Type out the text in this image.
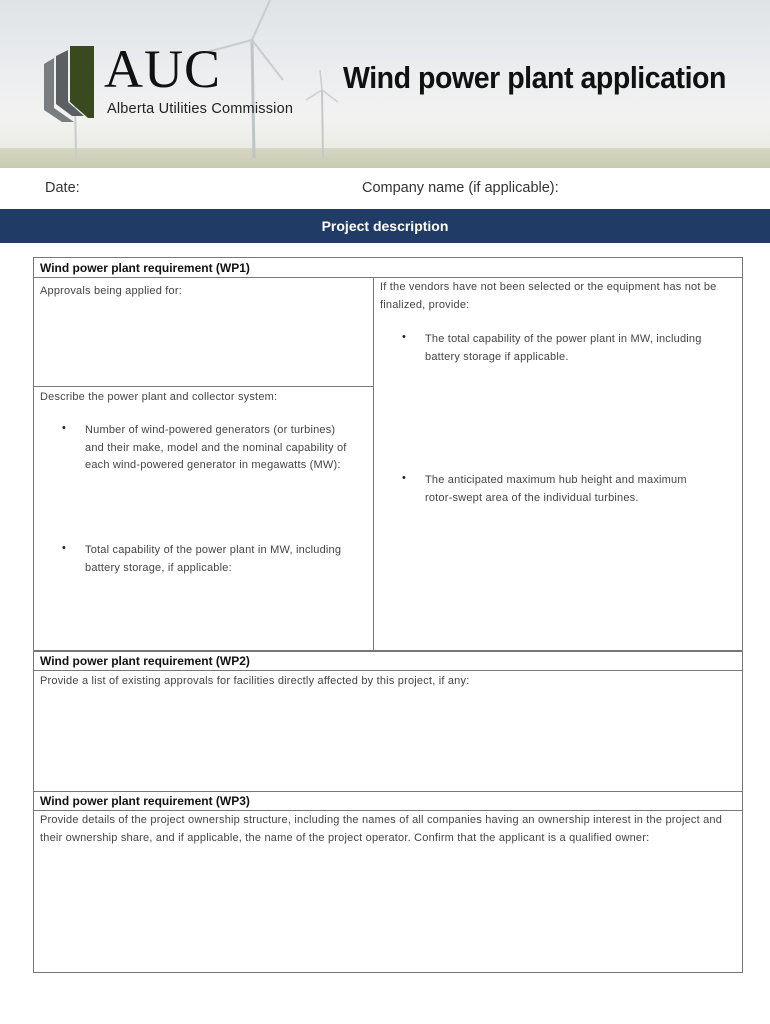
AUC
Alberta Utilities Commission
Wind power plant application
Date:	Company name (if applicable):
Project description
Wind power plant requirement (WP1)
Approvals being applied for:
Describe the power plant and collector system:
• Number of wind-powered generators (or turbines) and their make, model and the nominal capability of each wind-powered generator in megawatts (MW):
• Total capability of the power plant in MW, including battery storage, if applicable:
If the vendors have not been selected or the equipment has not be finalized, provide:
• The total capability of the power plant in MW, including battery storage if applicable.
• The anticipated maximum hub height and maximum rotor-swept area of the individual turbines.
Wind power plant requirement (WP2)
Provide a list of existing approvals for facilities directly affected by this project, if any:
Wind power plant requirement (WP3)
Provide details of the project ownership structure, including the names of all companies having an ownership interest in the project and their ownership share, and if applicable, the name of the project operator. Confirm that the applicant is a qualified owner:
